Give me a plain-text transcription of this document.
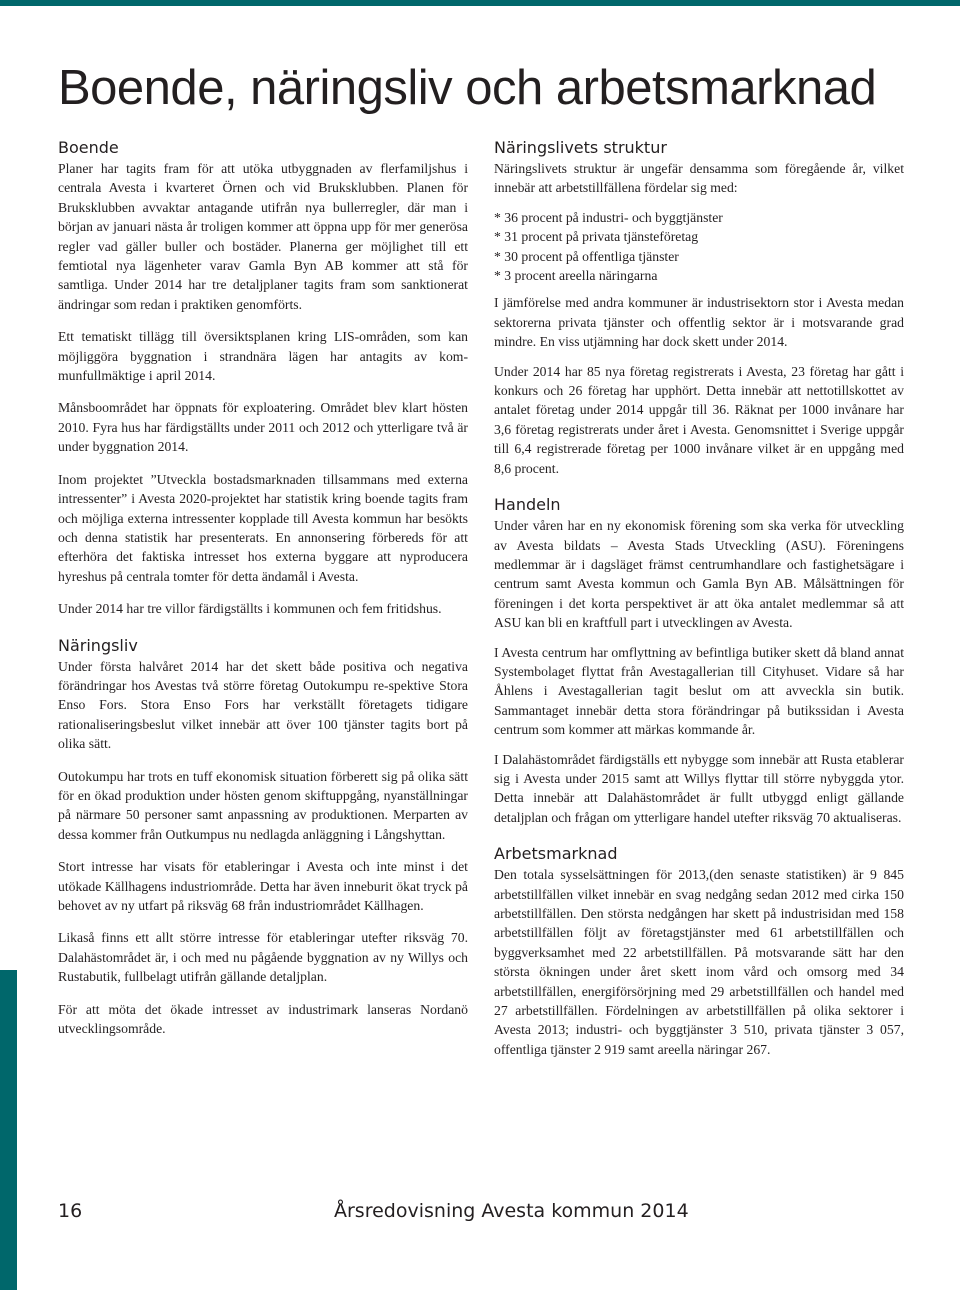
Boende, näringsliv och arbetsmarknad
Boende

Planer har tagits fram för att utöka utbyggnaden av flerfamiljshus i centrala Avesta i kvarteret Örnen och vid Bruksklubben. Planen för Bruksklubben avvaktar antagande utifrån nya bullerregler, där man i början av januari nästa år troligen kommer att öppna upp för mer generösa regler vad gäller buller och bostäder. Planerna ger möjlighet till ett femtiotal nya lägenheter varav Gamla Byn AB kommer att stå för samtliga. Under 2014 har tre detaljplaner tagits fram som sanktionerat ändringar som redan i praktiken genomförts.

Ett tematiskt tillägg till översiktsplanen kring LIS-områden, som kan möjliggöra byggnation i strandnära lägen har antagits av kommunfullmäktige i april 2014.

Månsboområdet har öppnats för exploatering. Området blev klart hösten 2010. Fyra hus har färdigställts under 2011 och 2012 och ytterligare två är under byggnation 2014.

Inom projektet ”Utveckla bostadsmarknaden tillsammans med externa intressenter” i Avesta 2020-projektet har statistik kring boende tagits fram och möjliga externa intressenter kopplade till Avesta kommun har besökts och denna statistik har presenterats. En annonsering förbereds för att efterhöra det faktiska intresset hos externa byggare att nyproducera hyreshus på centrala tomter för detta ändamål i Avesta.

Under 2014 har tre villor färdigställts i kommunen och fem fritidshus.

Näringsliv

Under första halvåret 2014 har det skett både positiva och negativa förändringar hos Avestas två större företag Outokumpu re-spektive Stora Enso Fors. Stora Enso Fors har verkställt företagets tidigare rationaliseringsbeslut vilket innebär att över 100 tjänster tagits bort på olika sätt.

Outokumpu har trots en tuff ekonomisk situation förberett sig på olika sätt för en ökad produktion under hösten genom skiftuppgång, nyanställningar på närmare 50 personer samt anpassning av produktionen. Merparten av dessa kommer från Outkumpus nu nedlagda anläggning i Långshyttan.

Stort intresse har visats för etableringar i Avesta och inte minst i det utökade Källhagens industriområde. Detta har även inneburit ökat tryck på behovet av ny utfart på riksväg 68 från industriområdet Källhagen.

Likaså finns ett allt större intresse för etableringar utefter riksväg 70. Dalahästområdet är, i och med nu pågående byggnation av ny Willys och Rustabutik, fullbelagt utifrån gällande detaljplan.

För att möta det ökade intresset av industrimark lanseras Nordanö utvecklingsområde.

Näringslivets struktur

Näringslivets struktur är ungefär densamma som föregående år, vilket innebär att arbetstillfällena fördelar sig med:

* 36 procent på industri- och byggtjänster
* 31 procent på privata tjänsteföretag
* 30 procent på offentliga tjänster
* 3 procent areella näringarna

I jämförelse med andra kommuner är industrisektorn stor i Avesta medan sektorerna privata tjänster och offentlig sektor är i motsvarande grad mindre. En viss utjämning har dock skett under 2014.

Under 2014 har 85 nya företag registrerats i Avesta, 23 företag har gått i konkurs och 26 företag har upphört. Detta innebär att nettotillskottet av antalet företag under 2014 uppgår till 36. Räknat per 1000 invånare har 3,6 företag registrerats under året i Avesta. Genomsnittet i Sverige uppgår till 6,4 registrerade företag per 1000 invånare vilket är en uppgång med 8,6 procent.

Handeln

Under våren har en ny ekonomisk förening som ska verka för utveckling av Avesta bildats – Avesta Stads Utveckling (ASU). Föreningens medlemmar är i dagsläget främst centrumhandlare och fastighetsägare i centrum samt Avesta kommun och Gamla Byn AB. Målsättningen för föreningen i det korta perspektivet är att öka antalet medlemmar så att ASU kan bli en kraftfull part i utvecklingen av Avesta.

I Avesta centrum har omflyttning av befintliga butiker skett då bland annat Systembolaget flyttat från Avestagallerian till Cityhuset. Vidare så har Åhlens i Avestagallerian tagit beslut om att avveckla sin butik. Sammantaget innebär detta stora förändringar på butikssidan i Avesta centrum som kommer att märkas kommande år.

I Dalahästområdet färdigställs ett nybygge som innebär att Rusta etablerar sig i Avesta under 2015 samt att Willys flyttar till större nybyggda ytor. Detta innebär att Dalahästområdet är fullt utbyggd enligt gällande detaljplan och frågan om ytterligare handel utefter riksväg 70 aktualiseras.

Arbetsmarknad

Den totala sysselsättningen för 2013,(den senaste statistiken) är 9 845 arbetstillfällen vilket innebär en svag nedgång sedan 2012 med cirka 150 arbetstillfällen. Den största nedgången har skett på industrisidan med 158 arbetstillfällen följt av företagstjänster med 61 arbetstillfällen och byggverksamhet med 22 arbetstillfällen. På motsvarande sätt har den största ökningen under året skett inom vård och omsorg med 34 arbetstillfällen, energiförsörjning med 29 arbetstillfällen och handel med 27 arbetstillfällen. Fördelningen av arbetstillfällen på olika sektorer i Avesta 2013; industri- och byggtjänster 3 510, privata tjänster 3 057, offentliga tjänster 2 919 samt areella näringar 267.

16	Årsredovisning Avesta kommun 2014
